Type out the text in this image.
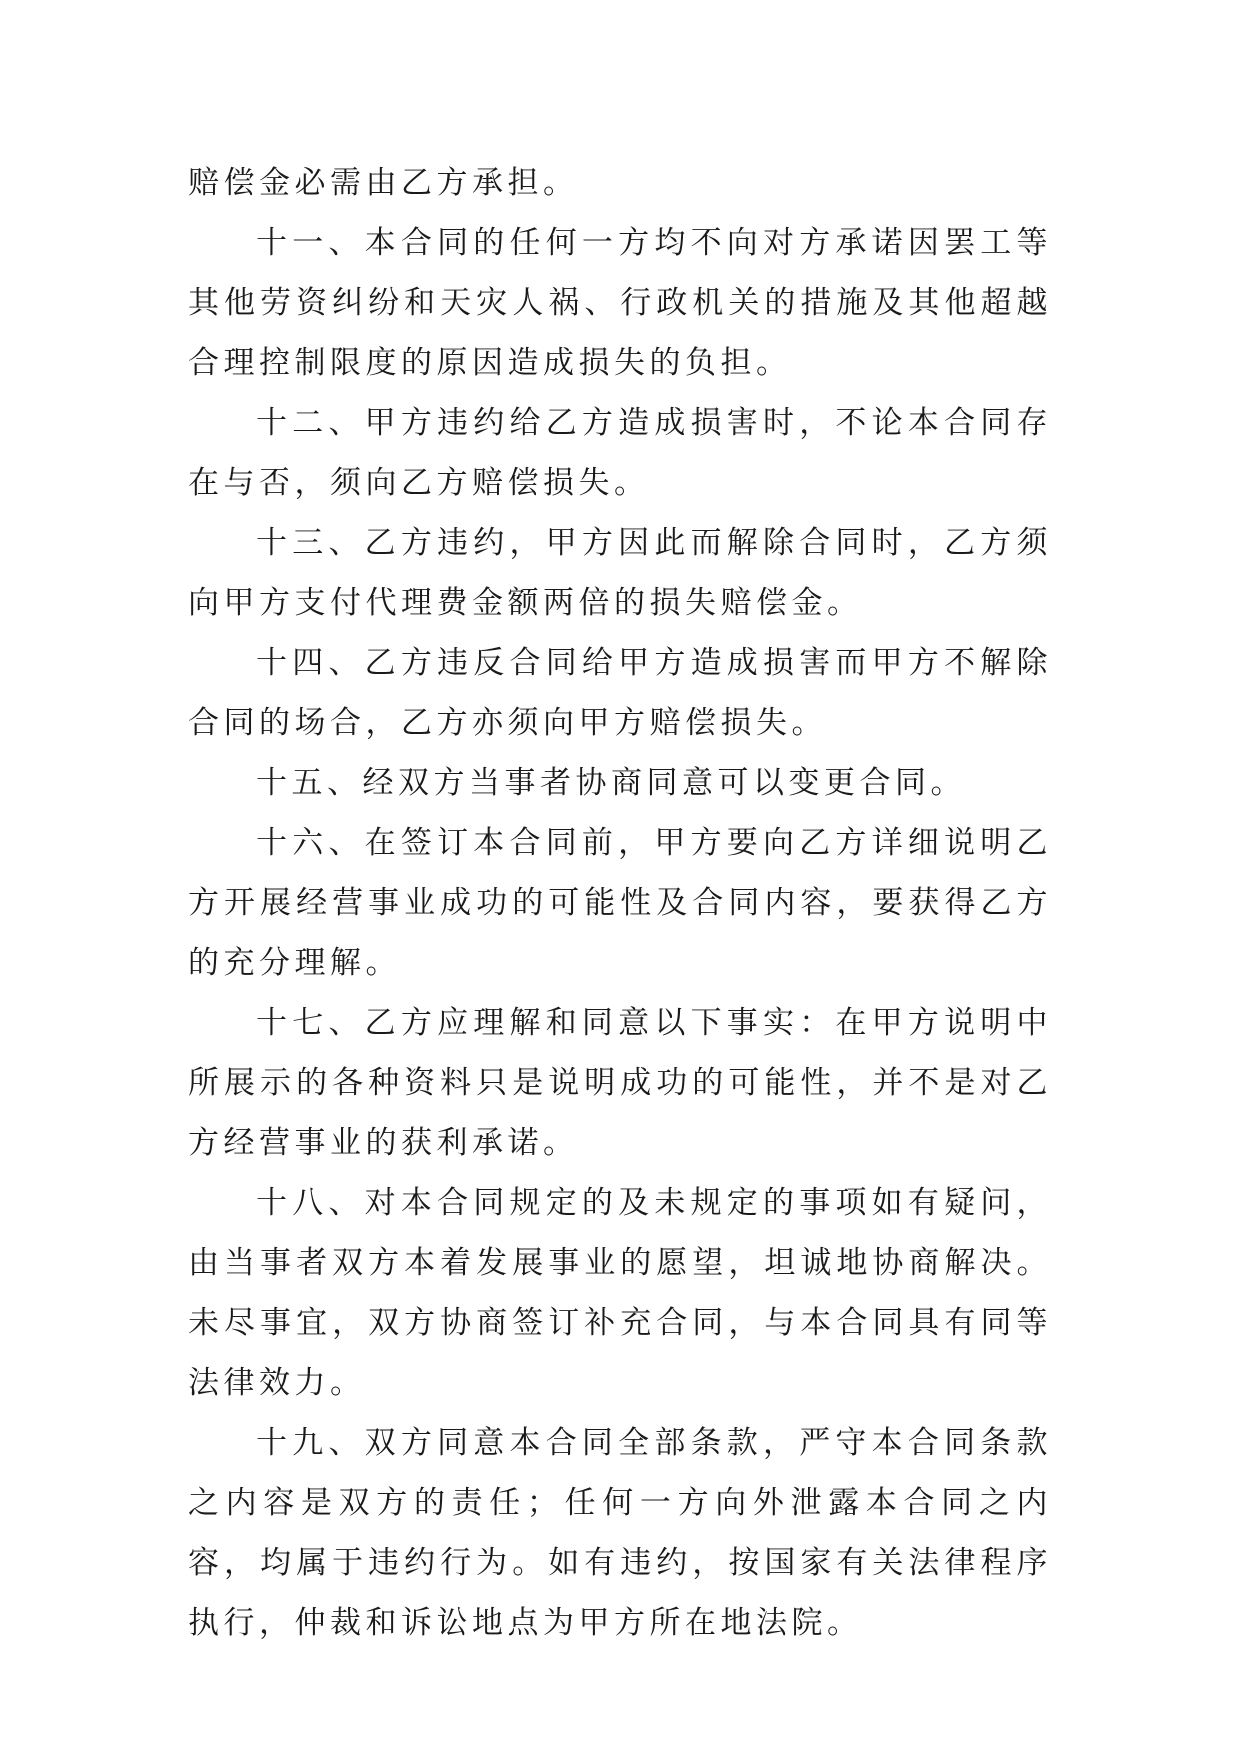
赔偿金必需由乙方承担。

十一、本合同的任何一方均不向对方承诺因罢工等其他劳资纠纷和天灾人祸、行政机关的措施及其他超越合理控制限度的原因造成损失的负担。

十二、甲方违约给乙方造成损害时，不论本合同存在与否，须向乙方赔偿损失。

十三、乙方违约，甲方因此而解除合同时，乙方须向甲方支付代理费金额两倍的损失赔偿金。

十四、乙方违反合同给甲方造成损害而甲方不解除合同的场合，乙方亦须向甲方赔偿损失。

十五、经双方当事者协商同意可以变更合同。

十六、在签订本合同前，甲方要向乙方详细说明乙方开展经营事业成功的可能性及合同内容，要获得乙方的充分理解。

十七、乙方应理解和同意以下事实：在甲方说明中所展示的各种资料只是说明成功的可能性，并不是对乙方经营事业的获利承诺。

十八、对本合同规定的及未规定的事项如有疑问，由当事者双方本着发展事业的愿望，坦诚地协商解决。未尽事宜，双方协商签订补充合同，与本合同具有同等法律效力。

十九、双方同意本合同全部条款，严守本合同条款之内容是双方的责任；任何一方向外泄露本合同之内容，均属于违约行为。如有违约，按国家有关法律程序执行，仲裁和诉讼地点为甲方所在地法院。
